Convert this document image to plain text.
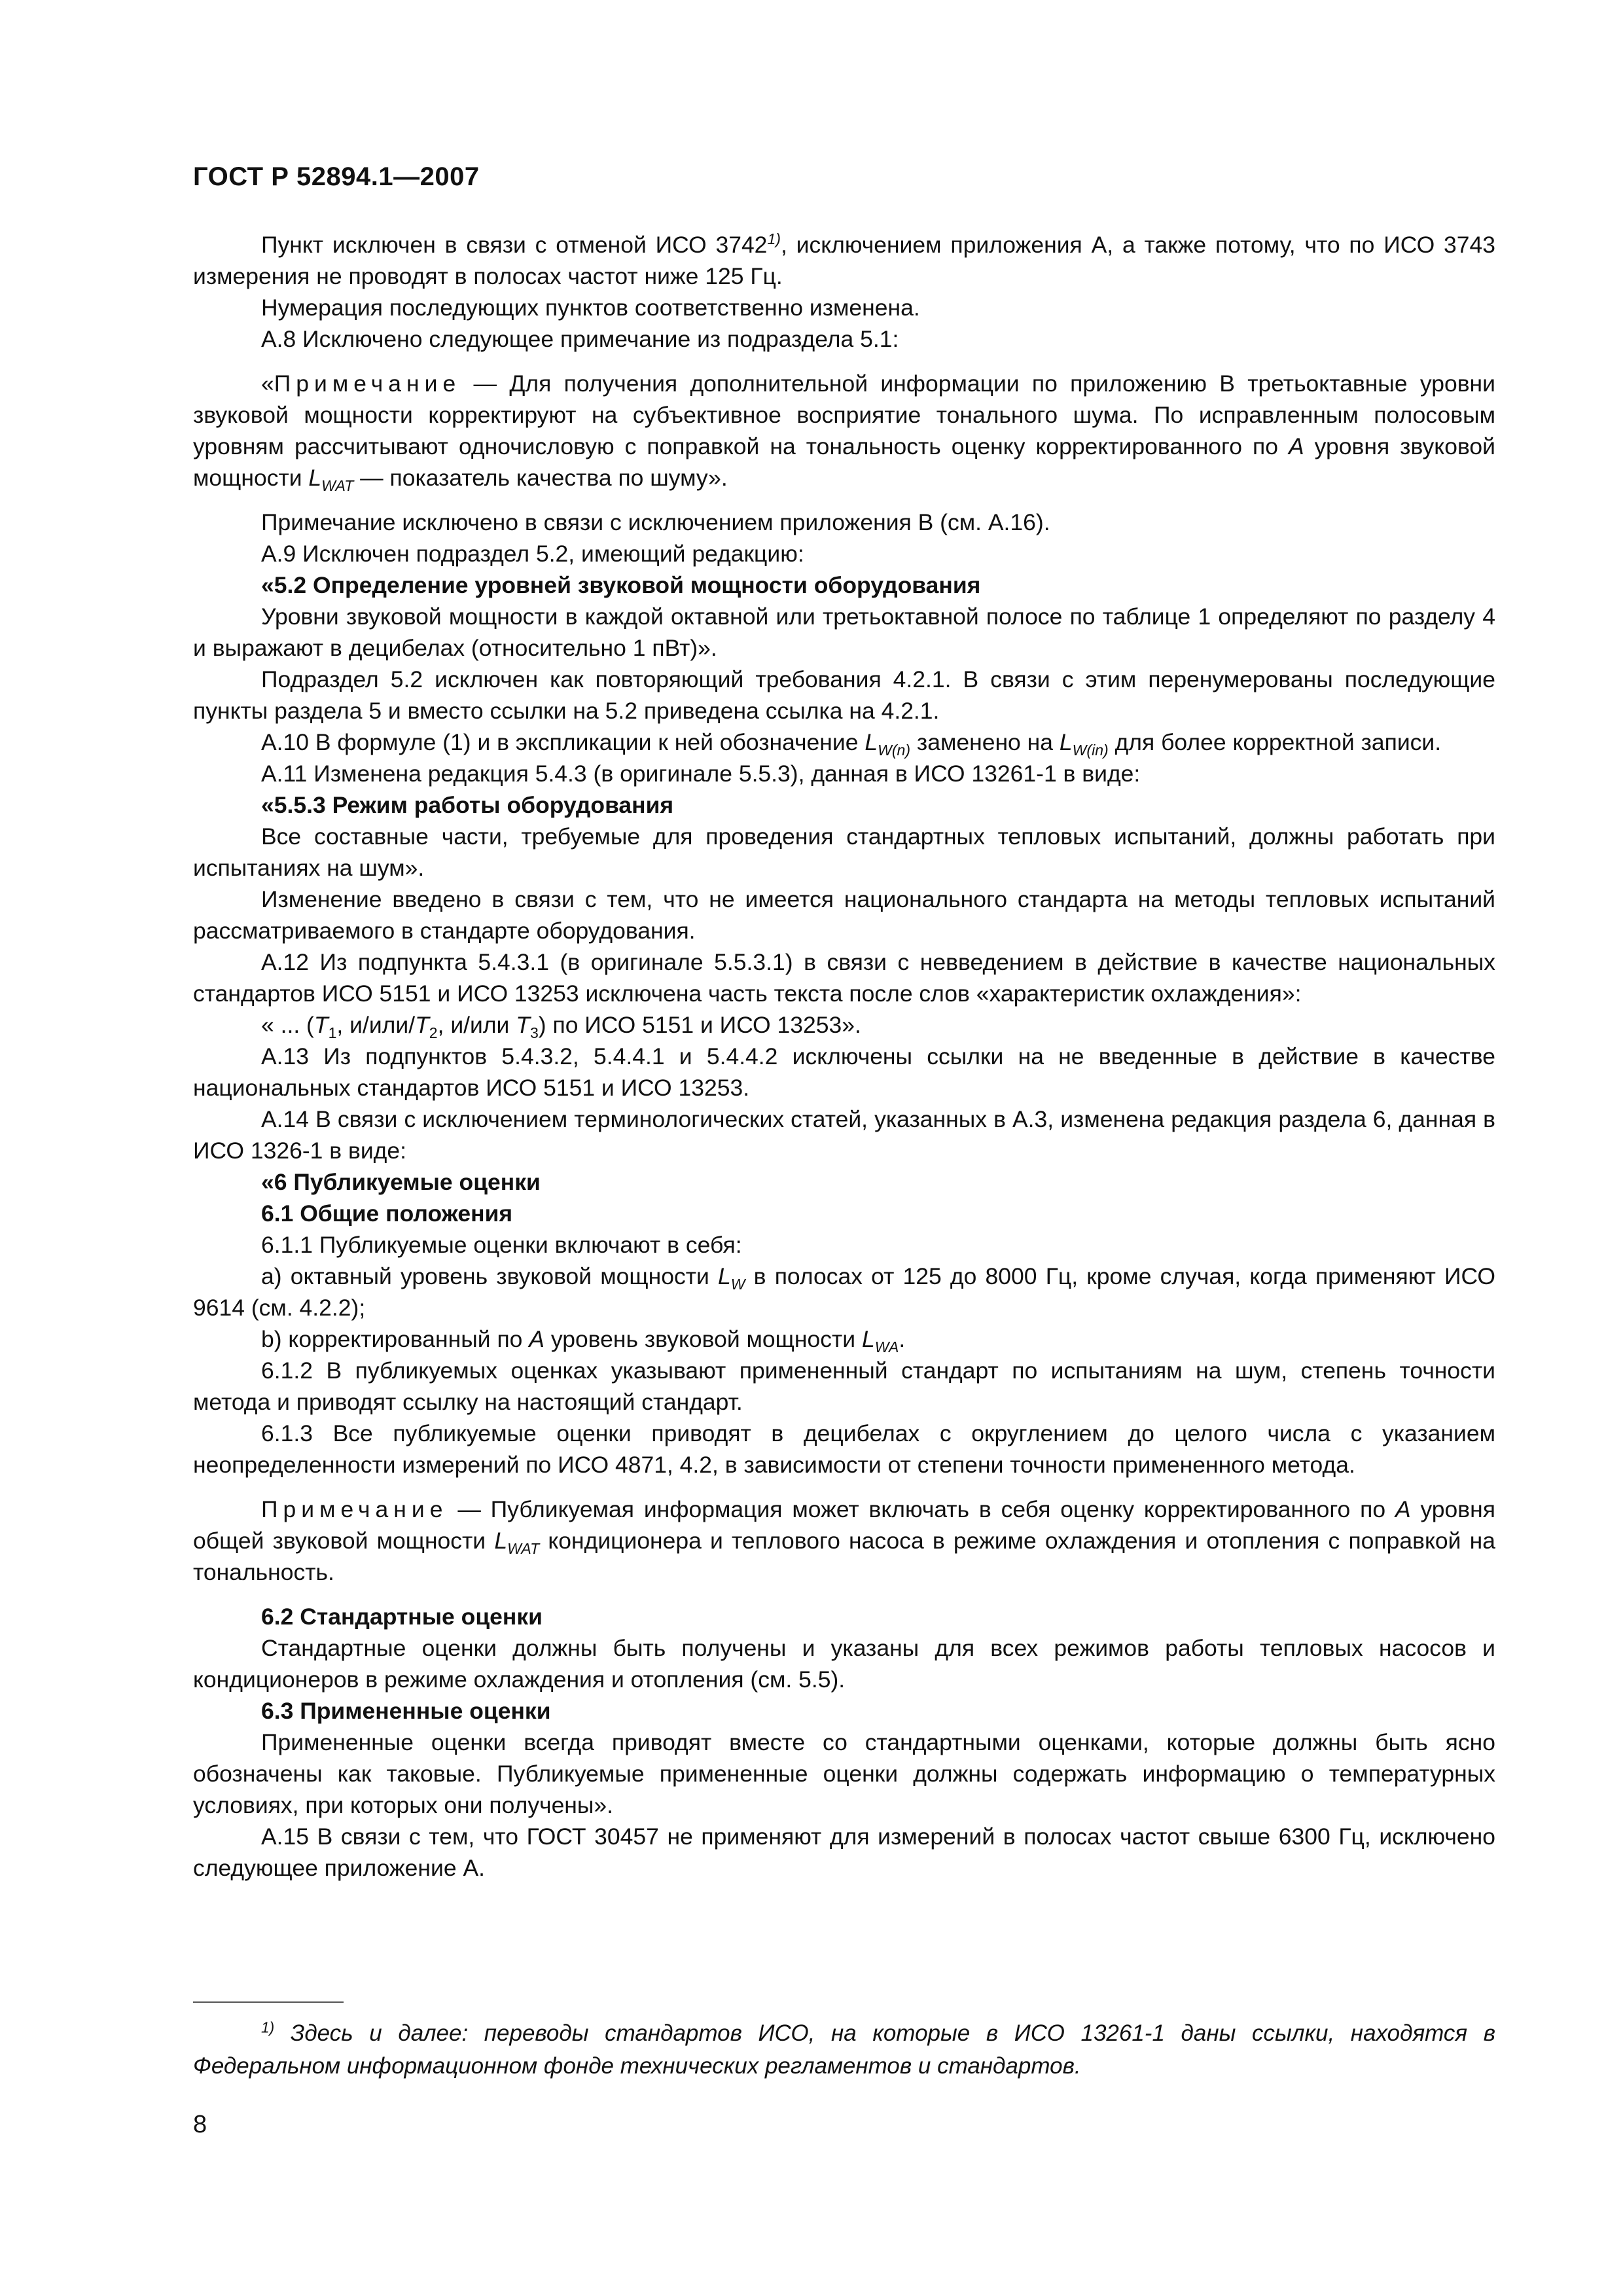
ГОСТ Р 52894.1—2007

Пункт исключен в связи с отменой ИСО 3742$^{1)}$, исключением приложения А, а также потому, что по ИСО 3743 измерения не проводят в полосах частот ниже 125 Гц.

Нумерация последующих пунктов соответственно изменена.

А.8 Исключено следующее примечание из подраздела 5.1:

«Примечание — Для получения дополнительной информации по приложению В третьоктавные уровни звуковой мощности корректируют на субъективное восприятие тонального шума. По исправленным полосовым уровням рассчитывают одночисловую с поправкой на тональность оценку корректированного по А уровня звуковой мощности $L_{WAT}$ — показатель качества по шуму».

Примечание исключено в связи с исключением приложения В (см. А.16).

А.9 Исключен подраздел 5.2, имеющий редакцию:

«5.2 Определение уровней звуковой мощности оборудования

Уровни звуковой мощности в каждой октавной или третьоктавной полосе по таблице 1 определяют по разделу 4 и выражают в децибелах (относительно 1 пВт)».

Подраздел 5.2 исключен как повторяющий требования 4.2.1. В связи с этим перенумерованы последующие пункты раздела 5 и вместо ссылки на 5.2 приведена ссылка на 4.2.1.

А.10 В формуле (1) и в экспликации к ней обозначение $L_{W(n)}$ заменено на $L_{W(in)}$ для более корректной записи.

А.11 Изменена редакция 5.4.3 (в оригинале 5.5.3), данная в ИСО 13261-1 в виде:

«5.5.3 Режим работы оборудования

Все составные части, требуемые для проведения стандартных тепловых испытаний, должны работать при испытаниях на шум».

Изменение введено в связи с тем, что не имеется национального стандарта на методы тепловых испытаний рассматриваемого в стандарте оборудования.

А.12 Из подпункта 5.4.3.1 (в оригинале 5.5.3.1) в связи с невведением в действие в качестве национальных стандартов ИСО 5151 и ИСО 13253 исключена часть текста после слов «характеристик охлаждения»:

« ... ($T_1$, $и/или/T_2$, и/или $T_3$) по ИСО 5151 и ИСО 13253».

А.13 Из подпунктов 5.4.3.2, 5.4.4.1 и 5.4.4.2 исключены ссылки на не введенные в действие в качестве национальных стандартов ИСО 5151 и ИСО 13253.

А.14 В связи с исключением терминологических статей, указанных в А.3, изменена редакция раздела 6, данная в ИСО 1326-1 в виде:

«6 Публикуемые оценки

6.1 Общие положения

6.1.1 Публикуемые оценки включают в себя:

а) октавный уровень звуковой мощности $L_W$ в полосах от 125 до 8000 Гц, кроме случая, когда применяют ИСО 9614 (см. 4.2.2);

b) корректированный по А уровень звуковой мощности $L_{WA}$.

6.1.2 В публикуемых оценках указывают примененный стандарт по испытаниям на шум, степень точности метода и приводят ссылку на настоящий стандарт.

6.1.3 Все публикуемые оценки приводят в децибелах с округлением до целого числа с указанием неопределенности измерений по ИСО 4871, 4.2, в зависимости от степени точности примененного метода.

Примечание — Публикуемая информация может включать в себя оценку корректированного по А уровня общей звуковой мощности $L_{WAT}$ кондиционера и теплового насоса в режиме охлаждения и отопления с поправкой на тональность.

6.2 Стандартные оценки

Стандартные оценки должны быть получены и указаны для всех режимов работы тепловых насосов и кондиционеров в режиме охлаждения и отопления (см. 5.5).

6.3 Примененные оценки

Примененные оценки всегда приводят вместе со стандартными оценками, которые должны быть ясно обозначены как таковые. Публикуемые примененные оценки должны содержать информацию о температурных условиях, при которых они получены».

А.15 В связи с тем, что ГОСТ 30457 не применяют для измерений в полосах частот свыше 6300 Гц, исключено следующее приложение А.

$^{1)}$ Здесь и далее: переводы стандартов ИСО, на которые в ИСО 13261-1 даны ссылки, находятся в Федеральном информационном фонде технических регламентов и стандартов.

8
